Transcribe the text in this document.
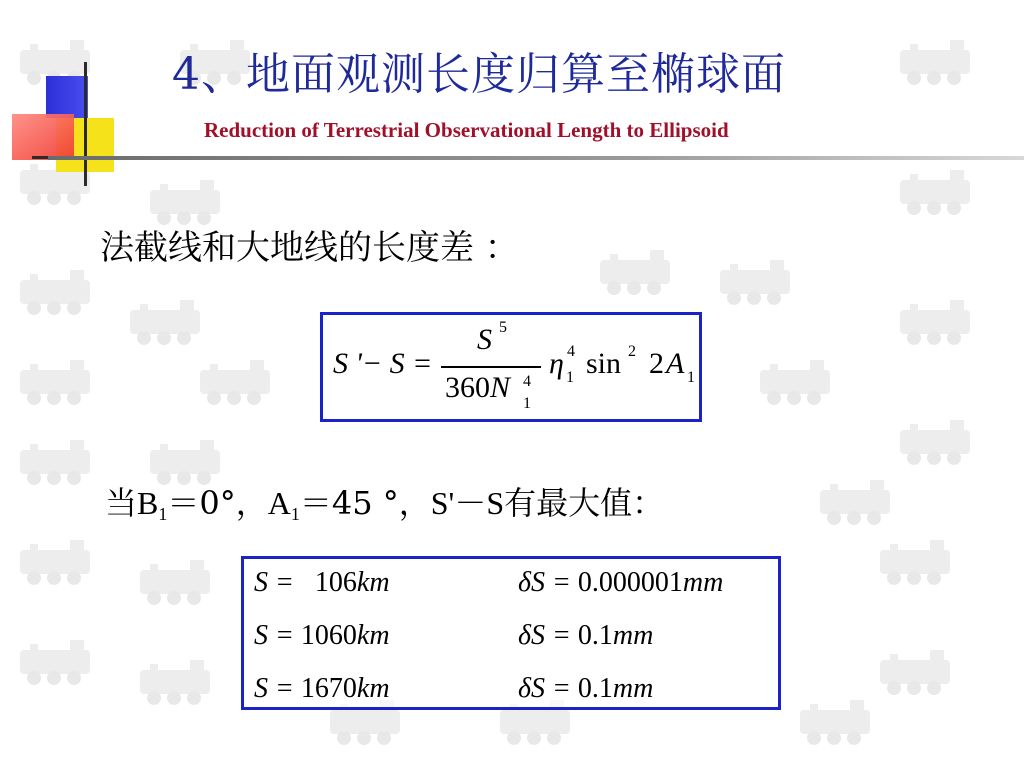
4、地面观测长度归算至椭球面
Reduction of Terrestrial Observational Length to Ellipsoid
法截线和大地线的长度差 ：
S '− S =
S 5
360 N 4
1
η 4
1 sin 2 2 A 1
当$B_1=0^\circ$，$A_1=45$ °，S'－S有最大值：
S = 106km	δS = 0.000001mm
S = 1060km	δS = 0.1mm
S = 1670km	δS = 0.1mm
